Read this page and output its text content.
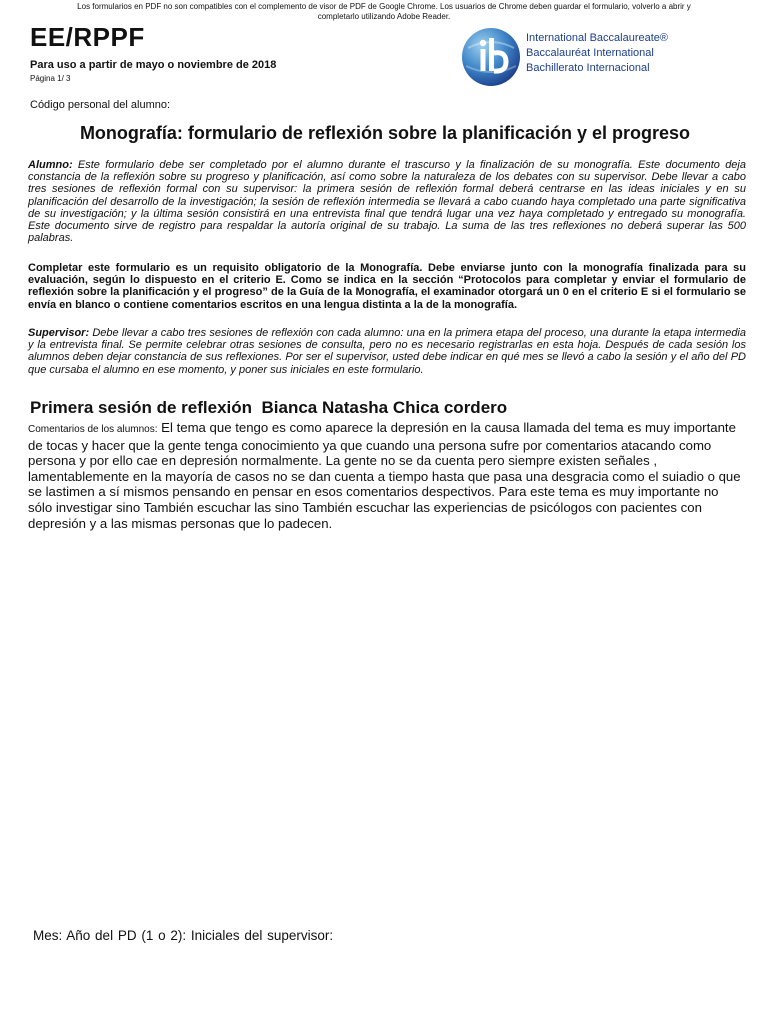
Los formularios en PDF no son compatibles con el complemento de visor de PDF de Google Chrome. Los usuarios de Chrome deben guardar el formulario, volverlo a abrir y completarlo utilizando Adobe Reader.
EE/RPPF
Para uso a partir de mayo o noviembre de 2018
Página 1/ 3
International Baccalaureate®
Baccalauréat International
Bachillerato Internacional
Código personal del alumno:
Monografía: formulario de reflexión sobre la planificación y el progreso
Alumno: Este formulario debe ser completado por el alumno durante el trascurso y la finalización de su monografía. Este documento deja constancia de la reflexión sobre su progreso y planificación, así como sobre la naturaleza de los debates con su supervisor. Debe llevar a cabo tres sesiones de reflexión formal con su supervisor: la primera sesión de reflexión formal deberá centrarse en las ideas iniciales y en su planificación del desarrollo de la investigación; la sesión de reflexión intermedia se llevará a cabo cuando haya completado una parte significativa de su investigación; y la última sesión consistirá en una entrevista final que tendrá lugar una vez haya completado y entregado su monografía. Este documento sirve de registro para respaldar la autoría original de su trabajo. La suma de las tres reflexiones no deberá superar las 500 palabras.
Completar este formulario es un requisito obligatorio de la Monografía. Debe enviarse junto con la monografía finalizada para su evaluación, según lo dispuesto en el criterio E. Como se indica en la sección “Protocolos para completar y enviar el formulario de reflexión sobre la planificación y el progreso” de la Guía de la Monografía, el examinador otorgará un 0 en el criterio E si el formulario se envía en blanco o contiene comentarios escritos en una lengua distinta a la de la monografía.
Supervisor: Debe llevar a cabo tres sesiones de reflexión con cada alumno: una en la primera etapa del proceso, una durante la etapa intermedia y la entrevista final. Se permite celebrar otras sesiones de consulta, pero no es necesario registrarlas en esta hoja. Después de cada sesión los alumnos deben dejar constancia de sus reflexiones. Por ser el supervisor, usted debe indicar en qué mes se llevó a cabo la sesión y el año del PD que cursaba el alumno en ese momento, y poner sus iniciales en este formulario.
Primera sesión de reflexión Bianca Natasha Chica cordero
Comentarios de los alumnos: El tema que tengo es como aparece la depresión en la causa llamada del tema es muy importante de tocas y hacer que la gente tenga conocimiento ya que cuando una persona sufre por comentarios atacando como persona y por ello cae en depresión normalmente. La gente no se da cuenta pero siempre existen señales , lamentablemente en la mayoría de casos no se dan cuenta a tiempo hasta que pasa una desgracia como el suiadio o que se lastimen a sí mismos pensando en pensar en esos comentarios despectivos. Para este tema es muy importante no sólo investigar sino También escuchar las sino También escuchar las experiencias de psicólogos con pacientes con depresión y a las mismas personas que lo padecen.
Mes: Año del PD (1 o 2): Iniciales del supervisor:
